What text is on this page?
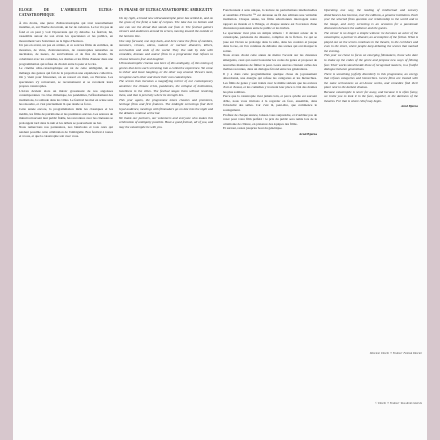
ÉLOGE DE L'AMBIGUÏTÉ ULTRA-CATASTROPHIQUE

À ma droite, une pièce d'ultracatastrophe qui s'est nouvellement installée, et, sur l'herbe du terrain, un lac de cadavres. Le lac n'a pas de fond et on peut y voir l'épouvante qui s'y détache. Le festival, lui, rassemble autour de son écran les spectateurs et les publics, en mouvement vers l'extérieur ou la ligne d'horizon.

Un pas en avant, un pas en arrière, et ce sont les films de zombies, de monstres, de virus, d'extraterrestres, de catastrophes naturelles ou nucléaires, de tueurs, de survivalistes et de fins du monde. Ils cohabitent avec les comédies, les drames et les films d'auteur dans une programmation qui refuse de choisir entre la peur et le rire.

Le cinéma ultra-catastrophique est né de cette ambiguïté, de ce mélange des genres qui fait de la projection une expérience collective. On y vient pour frissonner, on en ressort en riant, ou l'inverse. Les spectateurs s'y retrouvent, se reconnaissent et se racontent leurs propres catastrophes.

L'écran devient alors un miroir grossissant de nos angoisses contemporaines : la crise climatique, les pandémies, l'effondrement des institutions, la solitude dans les villes. Le festival les met en scène sans les résoudre, et c'est précisément là que réside sa force.

Cette année encore, la programmation mêle les classiques et les inédits, les films de patrimoine et les premières œuvres. Les séances de minuit retrouvent leur public fidèle, les rencontres avec les cinéastes se prolongent tard dans la nuit et les débats se poursuivent au bar.

Nous remercions nos partenaires, nos bénévoles et tous ceux qui rendent possible cette célébration de l'ambiguïté. Bon festival à toutes et à tous, et que la catastrophe soit avec vous.

IN PRAISE OF ULTRACATASTROPHIC AMBIGUITY

On my right, a brand new ultracatastrophe piece has settled in, and on the grass of the field, a lake of corpses. The lake has no bottom and one can see the dread that stands out from it. The festival gathers viewers and audiences around its screen, moving toward the outside or the horizon line.

One step forward, one step back, and here come the films of zombies, monsters, viruses, aliens, natural or nuclear disasters, killers, survivalists and ends of the world. They live side by side with comedies, dramas and auteur films in a programme that refuses to choose between fear and laughter.

Ultracatastrophic cinema was born of this ambiguity, of this mixing of genres that turns each screening into a collective experience. We come to shiver and leave laughing, or the other way around. Viewers meet, recognise each other and share their own catastrophes.

The screen then becomes a magnifying mirror of our contemporary anxieties: the climate crisis, pandemics, the collapse of institutions, loneliness in the cities. The festival stages them without resolving them, and that is precisely where its strength lies.

This year again, the programme mixes classics and premieres, heritage films and first features. The midnight screenings find their loyal audience, meetings with filmmakers go on late into the night and the debates continue at the bar.

We thank our partners, our volunteers and everyone who makes this celebration of ambiguity possible. Have a good festival, all of you, and may the catastrophe be with you.

Fonctionnant à sens unique, la lecture de perturbations intellectuelles et sensibles d'Utrecht ™ est devenue au fil des éditions une véritable institution. Chaque année, les films sélectionnés interrogent notre rapport au monde et à l'image, et chaque séance est l'occasion d'une discussion passionnée entre le public et les invités.

Le spectateur n'est plus un simple témoin : il devient acteur de la catastrophe, partenaire du désastre, complice de la fiction. Ce qui se joue sur l'écran se prolonge dans la salle, dans les couloirs et jusque dans la rue, où l'on continue de débattre des scènes qui ont marqué la soirée.

Nous avons choisi cette année de mettre l'accent sur les cinéastes émergents, ceux qui osent bousculer les codes du genre et proposer de nouvelles manières de filmer la peur. Leurs œuvres côtoient celles des maîtres reconnus, dans un dialogue fécond entre les générations.

Il y a dans cette programmation quelque chose de joyeusement désordonné, une énergie qui refuse les catégories et les hiérarchies. Les films de genre y sont traités avec le même sérieux que les œuvres d'art et d'essai, et les comédies y trouvent leur place à côté des drames les plus sombres.

Parce que la catastrophe n'est jamais loin, et parce qu'elle est souvent drôle, nous vous invitons à la regarder en face, ensemble, dans l'obscurité des salles. Car c'est là, peut-être, que commence le soulagement.

Profitez de chaque séance, laissez-vous surprendre, et n'oubliez pas de voter pour votre film préféré : le prix du public sera remis lors de la cérémonie de clôture, en présence des équipes des films.

Et surtout, restez jusqu'au bout du générique.

Arnd Bjerna

Operating one way, the reading of intellectual and sensory disturbances has become, over the editions, a genuine institution. Each year the selected films question our relationship to the world and to the image, and every screening is an occasion for a passionate discussion between the audience and the guests.

The viewer is no longer a simple witness: he becomes an actor of the catastrophe, a partner in disaster, an accomplice of the fiction. What is played out on the screen continues in the theatre, in the corridors and even in the street, where people keep debating the scenes that marked the evening.

This year we chose to focus on emerging filmmakers, those who dare to shake up the codes of the genre and propose new ways of filming fear. Their works stand beside those of recognised masters, in a fruitful dialogue between generations.

There is something joyfully disorderly in this programme, an energy that refuses categories and hierarchies. Genre films are treated with the same seriousness as art-house works, and comedies find their place next to the darkest dramas.

Because catastrophe is never far away, and because it is often funny, we invite you to look it in the face, together, in the darkness of the theatres. For that is where relief may begin.

Arnd Bjerna
Directeur Utrecht ™ Festival · Festival Director
© Utrecht ™ Festival · Tous droits réservés
